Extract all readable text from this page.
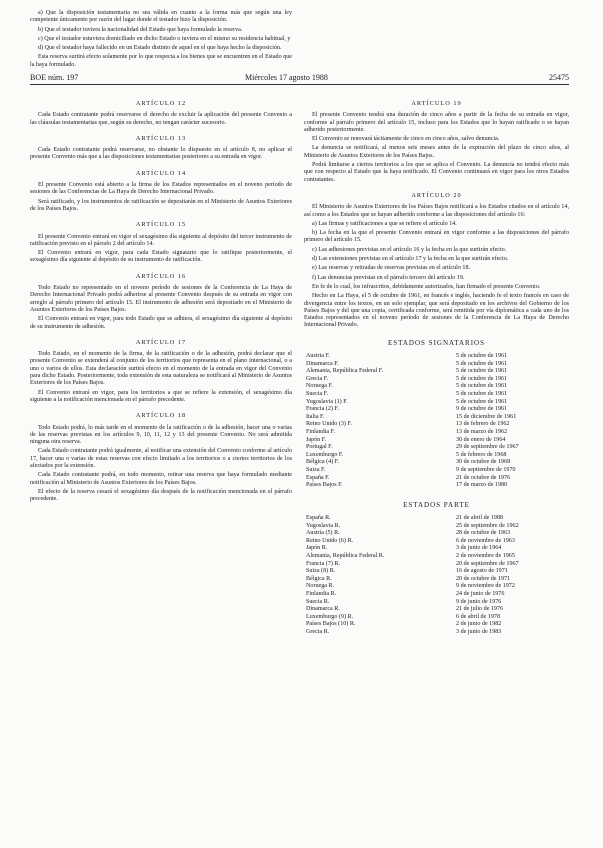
a) Que la disposición testamentaria no sea válida en cuanto a la forma más que según una ley competente únicamente por razón del lugar donde el testador hizo la disposición.

b) Que el testador tuviera la nacionalidad del Estado que haya formulado la reserva.

c) Que el testador estuviera domiciliado en dicho Estado o tuviera en el mismo su residencia habitual, y

d) Que el testador haya fallecido en un Estado distinto de aquel en el que haya hecho la disposición.

Esta reserva surtirá efecto solamente por lo que respecta a los bienes que se encuentren en el Estado que la haya formulado.

BOE núm. 197	Miércoles 17 agosto 1988	25475
ARTÍCULO 12

Cada Estado contratante podrá reservarse el derecho de excluir la aplicación del presente Convenio a las cláusulas testamentarias que, según su derecho, no tengan carácter sucesorio.

ARTÍCULO 13

Cada Estado contratante podrá reservarse, no obstante lo dispuesto en el artículo 8, no aplicar el presente Convenio más que a las disposiciones testamentarias posteriores a su entrada en vigor.

ARTÍCULO 14

El presente Convenio está abierto a la firma de los Estados representados en el noveno período de sesiones de las Conferencias de La Haya de Derecho Internacional Privado.

Será ratificado, y los instrumentos de ratificación se depositarán en el Ministerio de Asuntos Exteriores de los Países Bajos.

ARTÍCULO 15

El presente Convenio entrará en vigor el sexagésimo día siguiente al depósito del tercer instrumento de ratificación previsto en el párrafo 2 del artículo 14.

El Convenio entrará en vigor, para cada Estado signatario que lo ratifique posteriormente, el sexagésimo día siguiente al depósito de su instrumento de ratificación.

ARTÍCULO 16

Todo Estado no representado en el noveno período de sesiones de la Conferencia de La Haya de Derecho Internacional Privado podrá adherirse al presente Convenio después de su entrada en vigor con arreglo al párrafo primero del artículo 15. El instrumento de adhesión será depositado en el Ministerio de Asuntos Exteriores de los Países Bajos.

El Convenio entrará en vigor, para todo Estado que se adhiera, el sexagésimo día siguiente al depósito de su instrumento de adhesión.

ARTÍCULO 17

Todo Estado, en el momento de la firma, de la ratificación o de la adhesión, podrá declarar que el presente Convenio se extenderá al conjunto de los territorios que representa en el plano internacional, o a uno o varios de ellos. Esta declaración surtirá efecto en el momento de la entrada en vigor del Convenio para dicho Estado. Posteriormente, toda extensión de esta naturaleza se notificará al Ministerio de Asuntos Exteriores de los Países Bajos.

El Convenio entrará en vigor, para los territorios a que se refiere la extensión, el sexagésimo día siguiente a la notificación mencionada en el párrafo precedente.

ARTÍCULO 18

Todo Estado podrá, lo más tarde en el momento de la ratificación o de la adhesión, hacer una o varias de las reservas previstas en los artículos 9, 10, 11, 12 y 13 del presente Convenio. No será admitida ninguna otra reserva.

Cada Estado contratante podrá igualmente, al notificar una extensión del Convenio conforme al artículo 17, hacer una o varias de estas reservas con efecto limitado a los territorios o a ciertos territorios de los afectados por la extensión.

Cada Estado contratante podrá, en todo momento, retirar una reserva que haya formulado mediante notificación al Ministerio de Asuntos Exteriores de los Países Bajos.

El efecto de la reserva cesará el sexagésimo día después de la notificación mencionada en el párrafo precedente.

ARTÍCULO 19

El presente Convenio tendrá una duración de cinco años a partir de la fecha de su entrada en vigor, conforme al párrafo primero del artículo 15, incluso para los Estados que lo hayan ratificado o se hayan adherido posteriormente.

El Convenio se renovará tácitamente de cinco en cinco años, salvo denuncia.

La denuncia se notificará, al menos seis meses antes de la expiración del plazo de cinco años, al Ministerio de Asuntos Exteriores de los Países Bajos.

Podrá limitarse a ciertos territorios a los que se aplica el Convenio. La denuncia no tendrá efecto más que con respecto al Estado que la haya notificado. El Convenio continuará en vigor para los otros Estados contratantes.

ARTÍCULO 20

El Ministerio de Asuntos Exteriores de los Países Bajos notificará a los Estados citados en el artículo 14, así como a los Estados que se hayan adherido conforme a las disposiciones del artículo 16:

a) Las firmas y ratificaciones a que se refiere el artículo 14.

b) La fecha en la que el presente Convenio entrará en vigor conforme a las disposiciones del párrafo primero del artículo 15.

c) Las adhesiones previstas en el artículo 16 y la fecha en la que surtirán efecto.

d) Las extensiones previstas en el artículo 17 y la fecha en la que surtirán efecto.

e) Las reservas y retiradas de reservas previstas en el artículo 18.

f) Las denuncias previstas en el párrafo tercero del artículo 19.

En fe de lo cual, los infrascritos, debidamente autorizados, han firmado el presente Convenio.

Hecho en La Haya, el 5 de octubre de 1961, en francés e inglés, haciendo fe el texto francés en caso de divergencia entre los textos, en un solo ejemplar, que será depositado en los archivos del Gobierno de los Países Bajos y del que una copia, certificada conforme, será remitida por vía diplomática a cada uno de los Estados representados en el noveno período de sesiones de la Conferencia de La Haya de Derecho Internacional Privado.

ESTADOS SIGNATARIOS
Austria F.	5 de octubre de 1961
Dinamarca F.	5 de octubre de 1961
Alemania, República Federal F.	5 de octubre de 1961
Grecia F.	5 de octubre de 1961
Noruega F.	5 de octubre de 1961
Suecia F.	5 de octubre de 1961
Yugoslavia (1) F.	5 de octubre de 1961
Francia (2) F.	9 de octubre de 1961
Italia F.	15 de diciembre de 1961
Reino Unido (3) F.	13 de febrero de 1962
Finlandia F.	13 de marzo de 1962
Japón F.	30 de enero de 1964
Portugal F.	29 de septiembre de 1967
Luxemburgo F.	5 de febrero de 1968
Bélgica (4) F.	30 de octubre de 1968
Suiza F.	9 de septiembre de 1970
España F.	21 de octubre de 1976
Países Bajos F.	17 de marzo de 1980
ESTADOS PARTE
España R.	21 de abril de 1988
Yugoslavia R.	25 de septiembre de 1962
Austria (5) R.	28 de octubre de 1963
Reino Unido (6) R.	6 de noviembre de 1963
Japón R.	3 de junio de 1964
Alemania, República Federal R.	2 de noviembre de 1965
Francia (7) R.	20 de septiembre de 1967
Suiza (8) R.	16 de agosto de 1971
Bélgica R.	20 de octubre de 1971
Noruega R.	9 de noviembre de 1972
Finlandia R.	24 de junio de 1976
Suecia R.	9 de junio de 1976
Dinamarca R.	21 de julio de 1976
Luxemburgo (9) R.	6 de abril de 1978
Países Bajos (10) R.	2 de junio de 1982
Grecia R.	3 de junio de 1983
